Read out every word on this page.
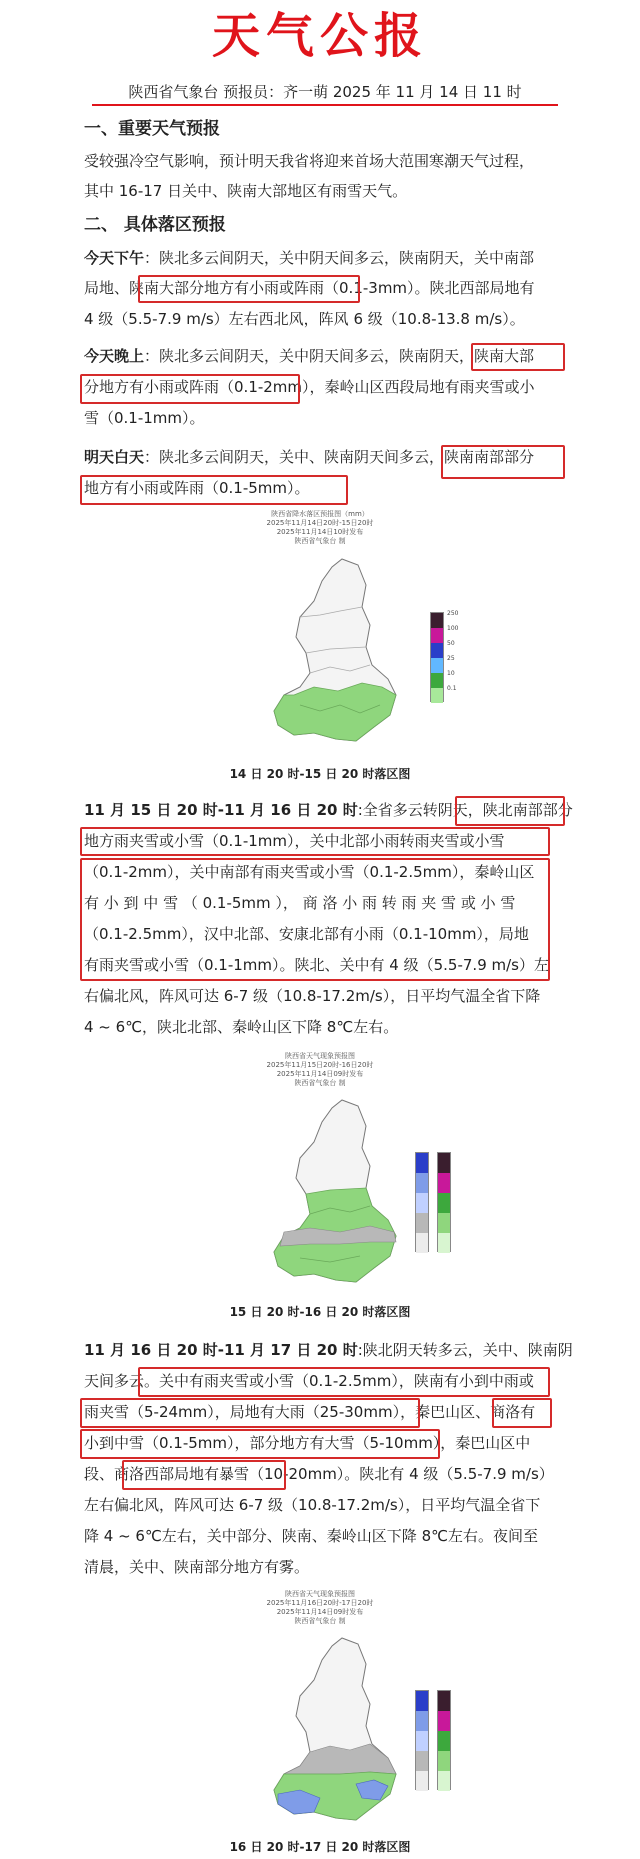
天气公报
陕西省气象台 预报员：齐一萌 2025 年 11 月 14 日 11 时
一、重要天气预报
受较强冷空气影响，预计明天我省将迎来首场大范围寒潮天气过程，
其中 16-17 日关中、陕南大部地区有雨雪天气。
二、 具体落区预报
今天下午：陕北多云间阴天，关中阴天间多云，陕南阴天，关中南部
局地、陕南大部分地方有小雨或阵雨（0.1-3mm）。陕北西部局地有
4 级（5.5-7.9 m/s）左右西北风，阵风 6 级（10.8-13.8 m/s）。
今天晚上：陕北多云间阴天，关中阴天间多云，陕南阴天，陕南大部
分地方有小雨或阵雨（0.1-2mm），秦岭山区西段局地有雨夹雪或小
雪（0.1-1mm）。
明天白天：陕北多云间阴天，关中、陕南阴天间多云，陕南南部部分
地方有小雨或阵雨（0.1-5mm）。
陕西省降水落区预报图（mm）
2025年11月14日20时-15日20时
2025年11月14日10时发布
陕西省气象台 制
250
100
50
25
10
0.1
14 日 20 时-15 日 20 时落区图
11 月 15 日 20 时-11 月 16 日 20 时:全省多云转阴天，陕北南部部分
地方雨夹雪或小雪（0.1-1mm），关中北部小雨转雨夹雪或小雪
（0.1-2mm），关中南部有雨夹雪或小雪（0.1-2.5mm），秦岭山区
有 小 到 中 雪 （ 0.1-5mm ）， 商 洛 小 雨 转 雨 夹 雪 或 小 雪
（0.1-2.5mm），汉中北部、安康北部有小雨（0.1-10mm），局地
有雨夹雪或小雪（0.1-1mm）。陕北、关中有 4 级（5.5-7.9 m/s）左
右偏北风，阵风可达 6-7 级（10.8-17.2m/s），日平均气温全省下降
4 ~ 6℃，陕北北部、秦岭山区下降 8℃左右。
陕西省天气现象预报图
2025年11月15日20时-16日20时
2025年11月14日09时发布
陕西省气象台 制
15 日 20 时-16 日 20 时落区图
11 月 16 日 20 时-11 月 17 日 20 时:陕北阴天转多云，关中、陕南阴
天间多云。关中有雨夹雪或小雪（0.1-2.5mm），陕南有小到中雨或
雨夹雪（5-24mm），局地有大雨（25-30mm），秦巴山区、商洛有
小到中雪（0.1-5mm），部分地方有大雪（5-10mm），秦巴山区中
段、商洛西部局地有暴雪（10-20mm）。陕北有 4 级（5.5-7.9 m/s）
左右偏北风，阵风可达 6-7 级（10.8-17.2m/s），日平均气温全省下
降 4 ~ 6℃左右，关中部分、陕南、秦岭山区下降 8℃左右。夜间至
清晨，关中、陕南部分地方有雾。
陕西省天气现象预报图
2025年11月16日20时-17日20时
2025年11月14日09时发布
陕西省气象台 制
16 日 20 时-17 日 20 时落区图
